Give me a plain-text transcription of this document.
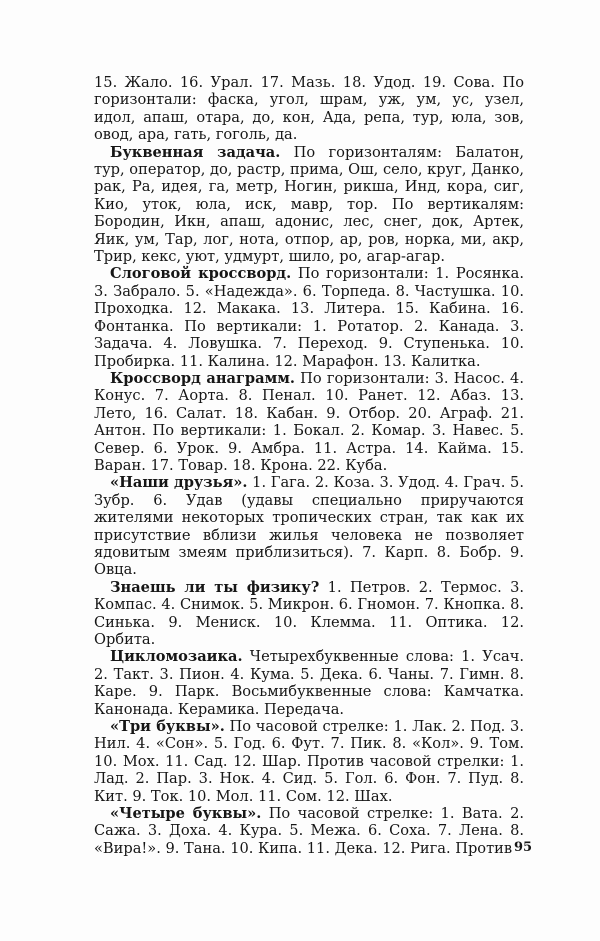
15. Жало. 16. Урал. 17. Мазь. 18. Удод. 19. Сова. По горизонтали: фаска, угол, шрам, уж, ум, ус, узел, идол, апаш, отара, до, кон, Ада, репа, тур, юла, зов, овод, ара, гать, гоголь, да.

Буквенная задача. По горизонталям: Балатон, тур, оператор, до, растр, прима, Ош, село, круг, Данко, рак, Ра, идея, га, метр, Ногин, рикша, Инд, кора, сиг, Кио, уток, юла, иск, мавр, тор. По вертикалям: Бородин, Икн, апаш, адонис, лес, снег, док, Артек, Яик, ум, Тар, лог, нота, отпор, ар, ров, норка, ми, акр, Трир, кекс, уют, удмурт, шило, ро, агар-агар.

Слоговой кроссворд. По горизонтали: 1. Росянка. 3. Забрало. 5. «Надежда». 6. Торпеда. 8. Частушка. 10. Проходка. 12. Макака. 13. Литера. 15. Кабина. 16. Фонтанка. По вертикали: 1. Ротатор. 2. Канада. 3. Задача. 4. Ловушка. 7. Переход. 9. Ступенька. 10. Пробирка. 11. Калина. 12. Марафон. 13. Калитка.

Кроссворд анаграмм. По горизонтали: 3. Насос. 4. Конус. 7. Аорта. 8. Пенал. 10. Ранет. 12. Абаз. 13. Лето, 16. Салат. 18. Кабан. 9. Отбор. 20. Аграф. 21. Антон. По вертикали: 1. Бокал. 2. Комар. 3. Навес. 5. Север. 6. Урок. 9. Амбра. 11. Астра. 14. Кайма. 15. Варан. 17. Товар. 18. Крона. 22. Куба.

«Наши друзья». 1. Гага. 2. Коза. 3. Удод. 4. Грач. 5. Зубр. 6. Удав (удавы специально приручаются жителями некоторых тропических стран, так как их присутствие вблизи жилья человека не позволяет ядовитым змеям приблизиться). 7. Карп. 8. Бобр. 9. Овца.

Знаешь ли ты физику? 1. Петров. 2. Термос. 3. Компас. 4. Снимок. 5. Микрон. 6. Гномон. 7. Кнопка. 8. Синька. 9. Мениск. 10. Клемма. 11. Оптика. 12. Орбита.

Цикломозаика. Четырехбуквенные слова: 1. Усач. 2. Такт. 3. Пион. 4. Кума. 5. Дека. 6. Чаны. 7. Гимн. 8. Каре. 9. Парк. Восьмибуквенные слова: Камчатка. Канонада. Керамика. Передача.

«Три буквы». По часовой стрелке: 1. Лак. 2. Под. 3. Нил. 4. «Сон». 5. Год. 6. Фут. 7. Пик. 8. «Кол». 9. Том. 10. Мох. 11. Сад. 12. Шар. Против часовой стрелки: 1. Лад. 2. Пар. 3. Нок. 4. Сид. 5. Гол. 6. Фон. 7. Пуд. 8. Кит. 9. Ток. 10. Мол. 11. Сом. 12. Шах.

«Четыре буквы». По часовой стрелке: 1. Вата. 2. Сажа. 3. Доха. 4. Кура. 5. Межа. 6. Соха. 7. Лена. 8. «Вира!». 9. Тана. 10. Кипа. 11. Дека. 12. Рига. Против 95
